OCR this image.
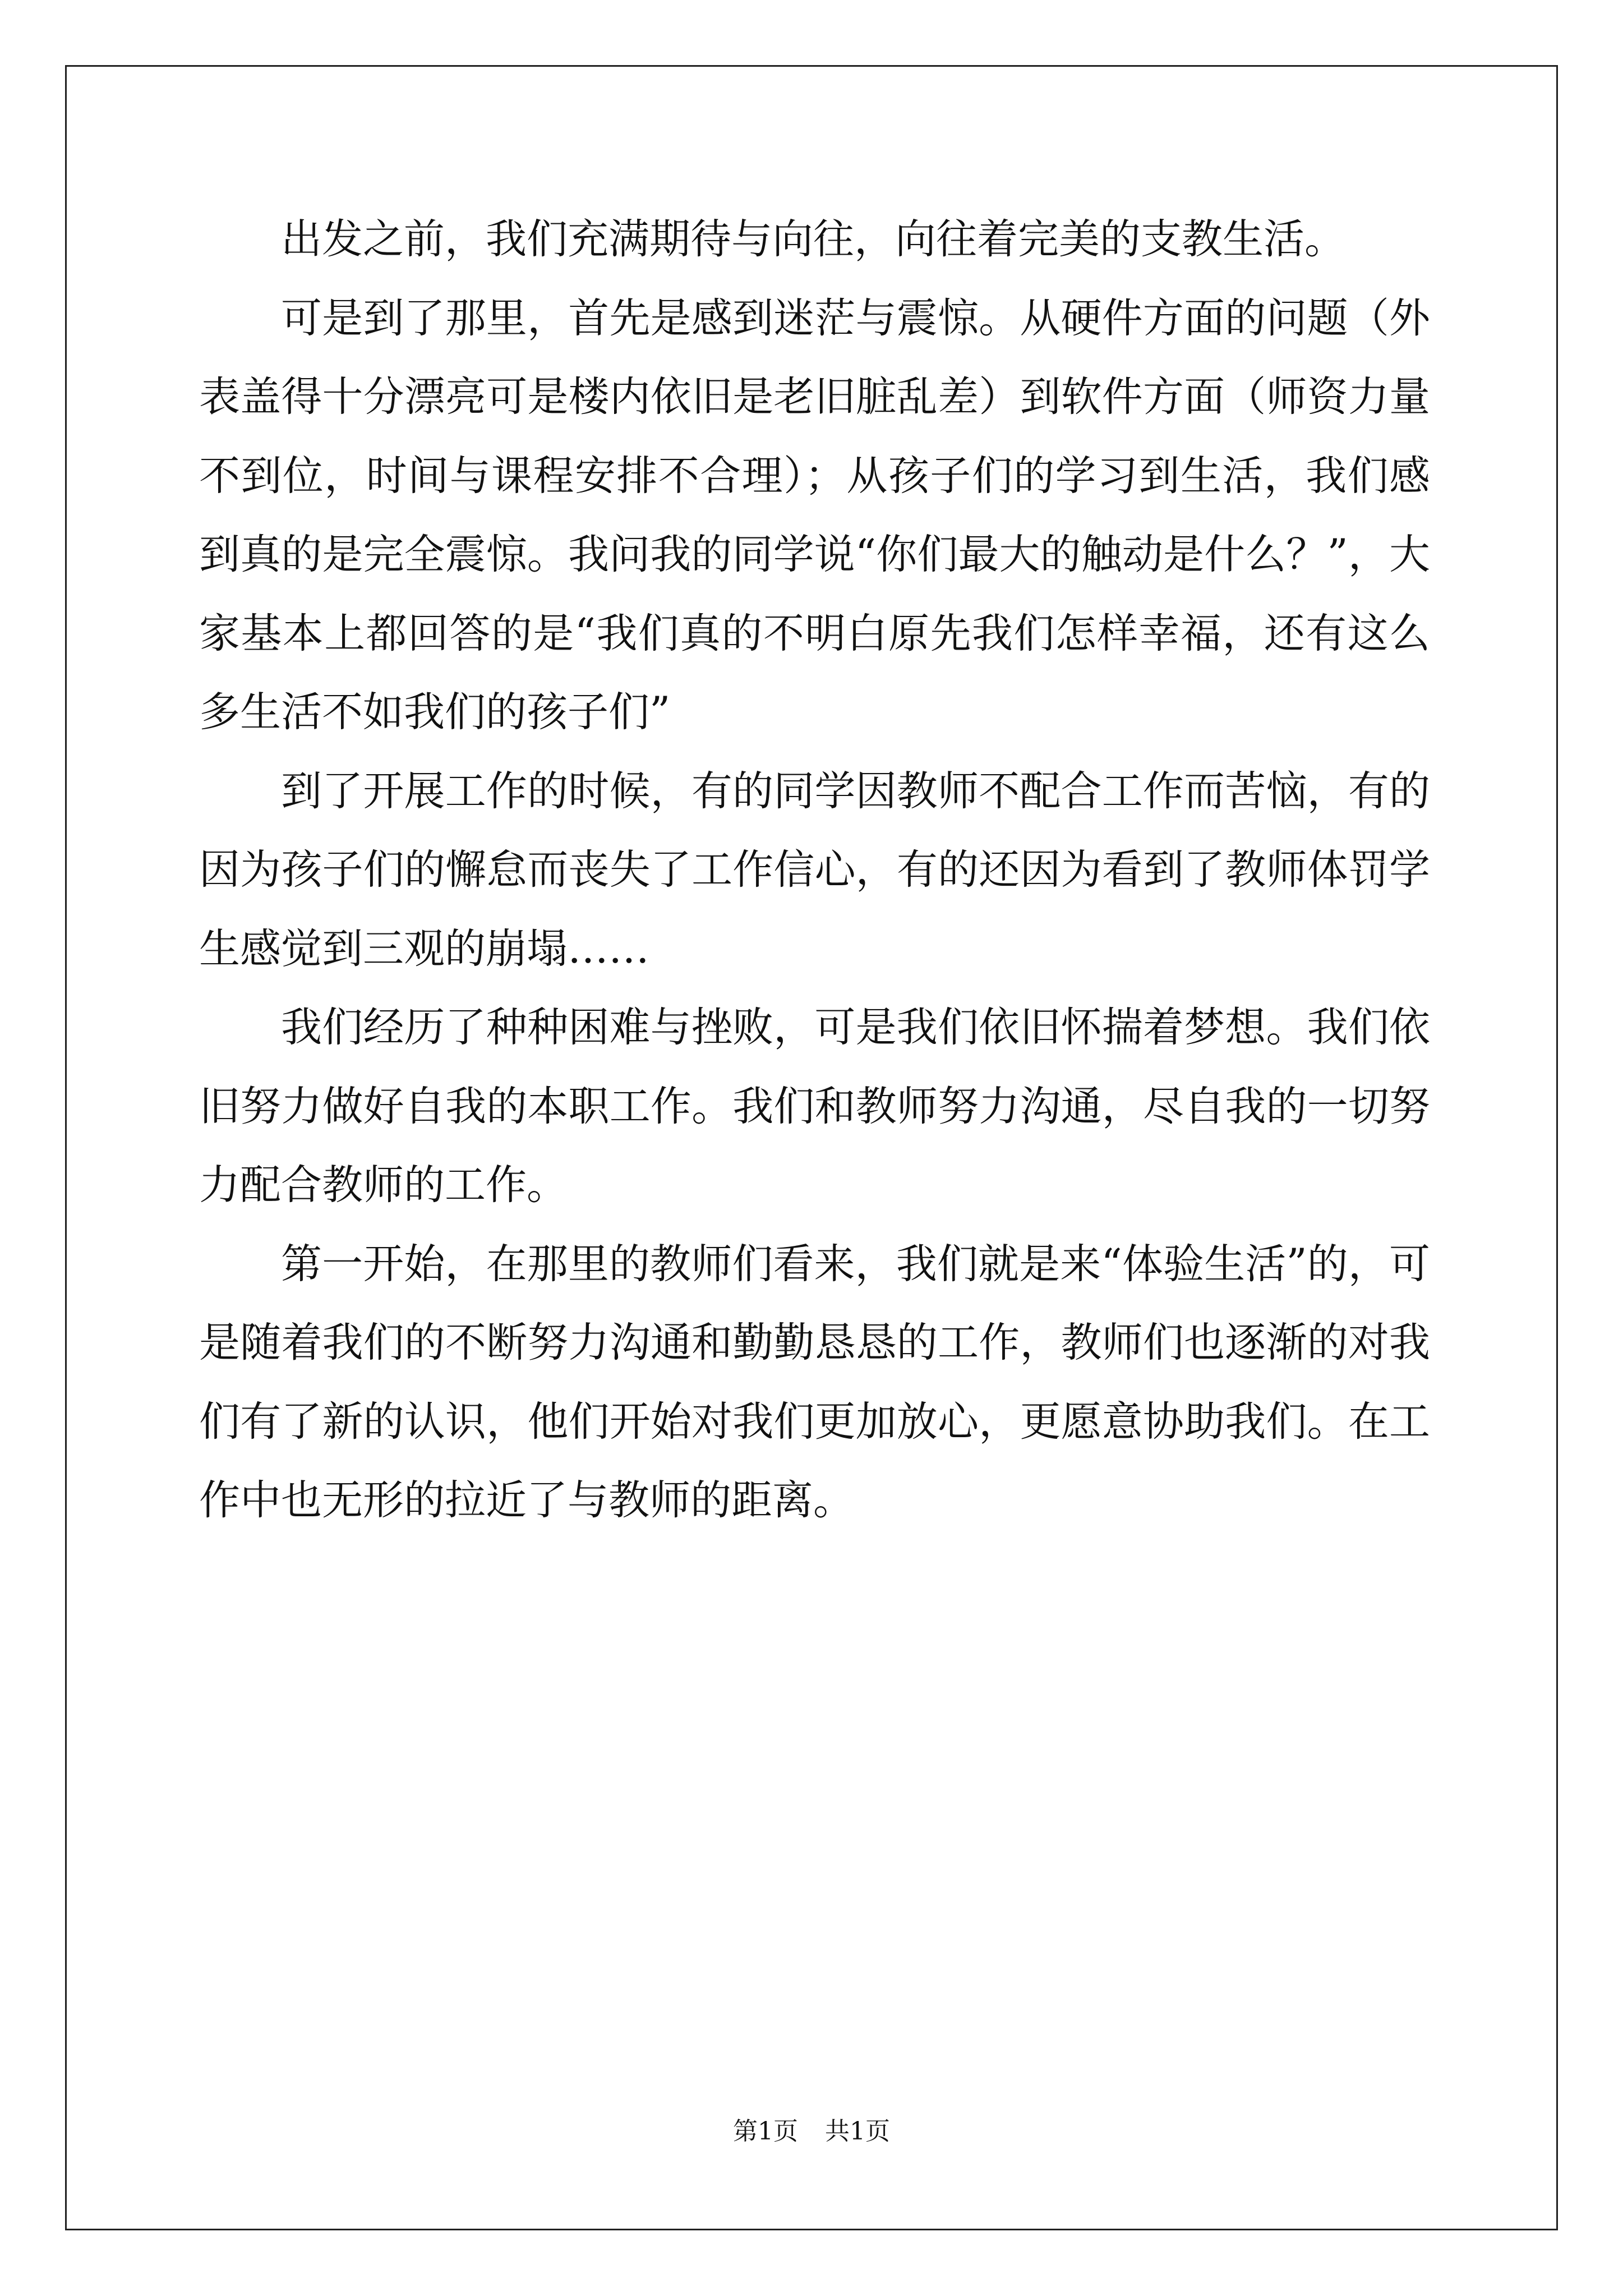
出发之前，我们充满期待与向往，向往着完美的支教生活。

可是到了那里，首先是感到迷茫与震惊。从硬件方面的问题（外表盖得十分漂亮可是楼内依旧是老旧脏乱差）到软件方面（师资力量不到位，时间与课程安排不合理）；从孩子们的学习到生活，我们感到真的是完全震惊。我问我的同学说“你们最大的触动是什么？”，大家基本上都回答的是“我们真的不明白原先我们怎样幸福，还有这么多生活不如我们的孩子们”

到了开展工作的时候，有的同学因教师不配合工作而苦恼，有的因为孩子们的懈怠而丧失了工作信心，有的还因为看到了教师体罚学生感觉到三观的崩塌……

我们经历了种种困难与挫败，可是我们依旧怀揣着梦想。我们依旧努力做好自我的本职工作。我们和教师努力沟通，尽自我的一切努力配合教师的工作。

第一开始，在那里的教师们看来，我们就是来“体验生活”的，可是随着我们的不断努力沟通和勤勤恳恳的工作，教师们也逐渐的对我们有了新的认识，他们开始对我们更加放心，更愿意协助我们。在工作中也无形的拉近了与教师的距离。

第1页 共1页
